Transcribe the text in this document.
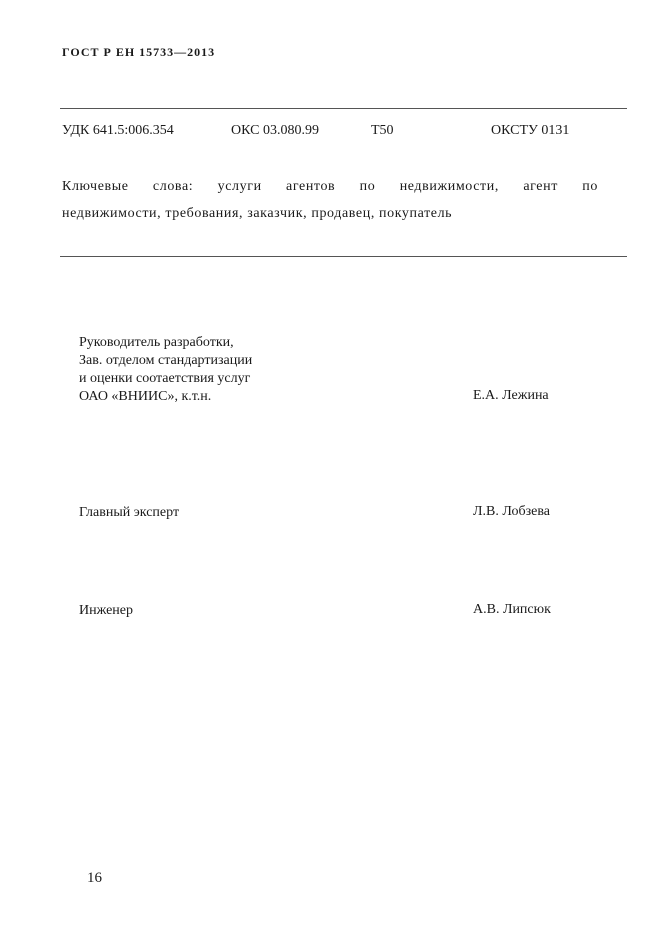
ГОСТ Р ЕН 15733—2013
УДК 641.5:006.354	ОКС 03.080.99	Т50	ОКСТУ 0131
Ключевые слова: услуги агентов по недвижимости, агент по
недвижимости, требования, заказчик, продавец, покупатель
Руководитель разработки,
Зав. отделом стандартизации
и оценки соотаетствия услуг
ОАО «ВНИИС», к.т.н.	Е.А. Лежина
Главный эксперт	Л.В. Лобзева
Инженер	А.В. Липсюк
16
